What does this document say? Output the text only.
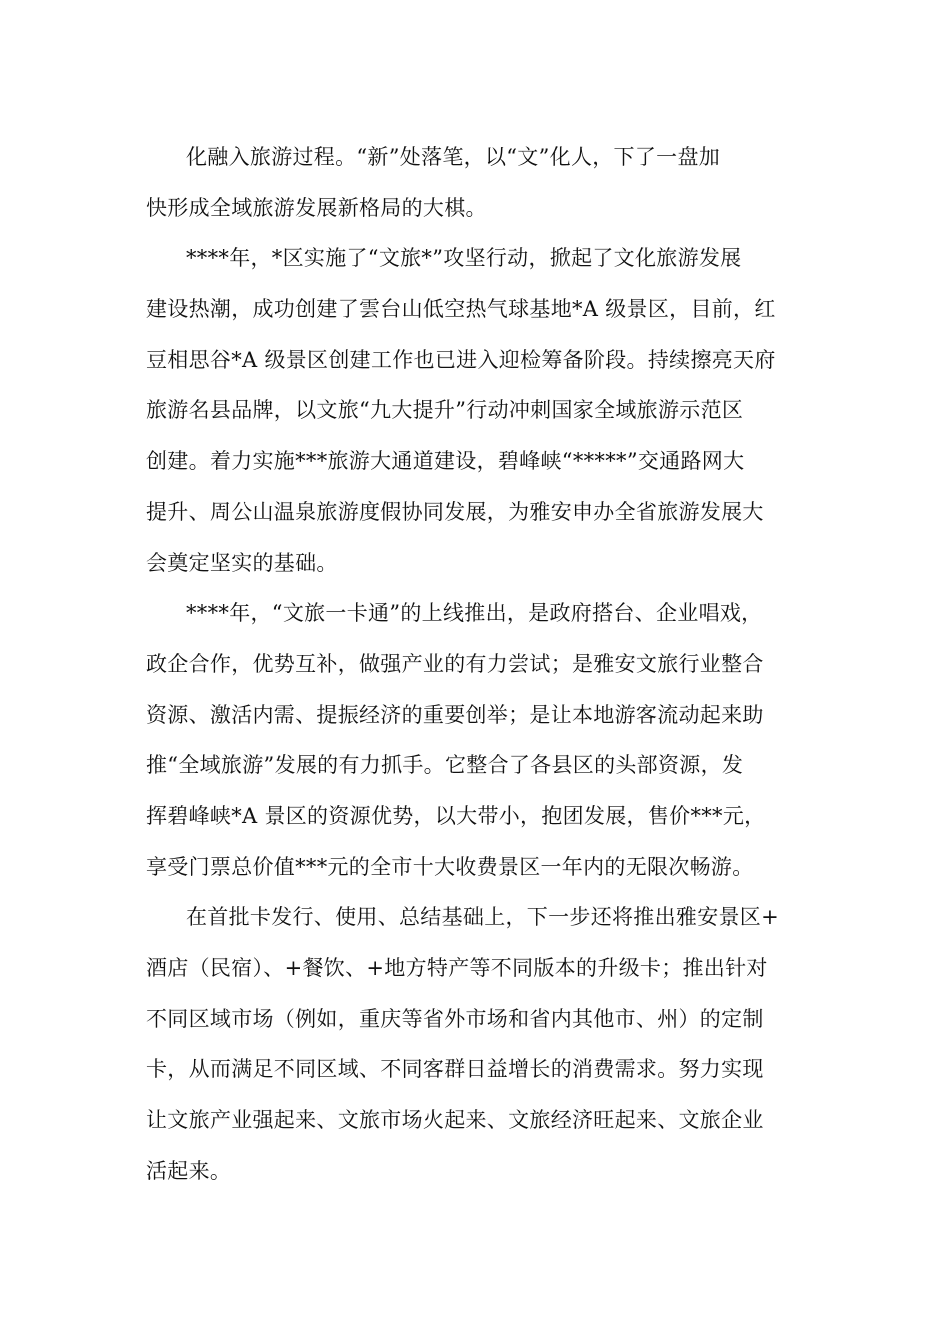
化融入旅游过程。“新”处落笔，以“文”化人，下了一盘加
快形成全域旅游发展新格局的大棋。
****年，*区实施了“文旅*”攻坚行动，掀起了文化旅游发展
建设热潮，成功创建了雲台山低空热气球基地*A 级景区，目前，红
豆相思谷*A 级景区创建工作也已进入迎检筹备阶段。持续擦亮天府
旅游名县品牌，以文旅“九大提升”行动冲刺国家全域旅游示范区
创建。着力实施***旅游大通道建设，碧峰峡“*****”交通路网大
提升、周公山温泉旅游度假协同发展，为雅安申办全省旅游发展大
会奠定坚实的基础。
****年，“文旅一卡通”的上线推出，是政府搭台、企业唱戏，
政企合作，优势互补，做强产业的有力尝试；是雅安文旅行业整合
资源、激活内需、提振经济的重要创举；是让本地游客流动起来助
推“全域旅游”发展的有力抓手。它整合了各县区的头部资源，发
挥碧峰峡*A 景区的资源优势，以大带小，抱团发展，售价***元，
享受门票总价值***元的全市十大收费景区一年内的无限次畅游。
在首批卡发行、使用、总结基础上，下一步还将推出雅安景区+
酒店（民宿）、+餐饮、+地方特产等不同版本的升级卡；推出针对
不同区域市场（例如，重庆等省外市场和省内其他市、州）的定制
卡，从而满足不同区域、不同客群日益增长的消费需求。努力实现
让文旅产业强起来、文旅市场火起来、文旅经济旺起来、文旅企业
活起来。
